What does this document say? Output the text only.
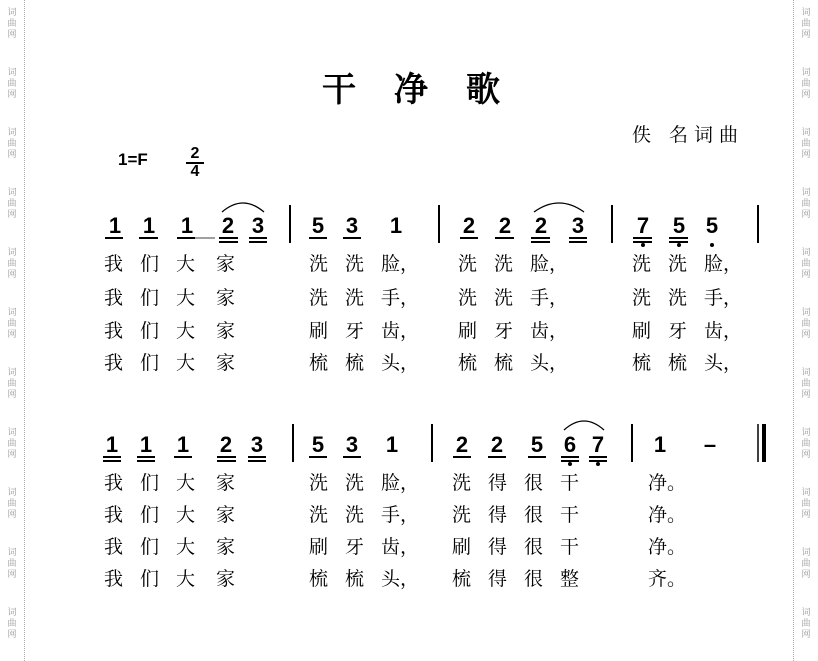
词
曲
网
词
曲
网
词
曲
网
词
曲
网
词
曲
网
词
曲
网
词
曲
网
词
曲
网
词
曲
网
词
曲
网
词
曲
网
词
曲
网
词
曲
网
词
曲
网
词
曲
网
词
曲
网
词
曲
网
词
曲
网
词
曲
网
词
曲
网
词
曲
网
词
曲
网
干净歌
佚 名词曲
$1=F \frac{2}{4}$
1 1 1 2 3 5 3 1	2 2 2 3 7 5 5
1 1 1 2 3 5 3 1	2 2 5 6 7 1 –
我 们 大 家	洗 洗 脸， 洗 洗 脸，	洗 洗 脸，
我 们 大 家	洗 洗 手， 洗 洗 手，	洗 洗 手，
我 们 大 家	刷 牙 齿， 刷 牙 齿，	刷 牙 齿，
我 们 大 家	梳 梳 头， 梳 梳 头，	梳 梳 头，
我 们 大 家	洗 洗 脸， 洗 得 很 干	净。
我 们 大 家	洗 洗 手， 洗 得 很 干	净。
我 们 大 家	刷 牙 齿， 刷 得 很 干	净。
我 们 大 家	梳 梳 头， 梳 得 很 整	齐。
